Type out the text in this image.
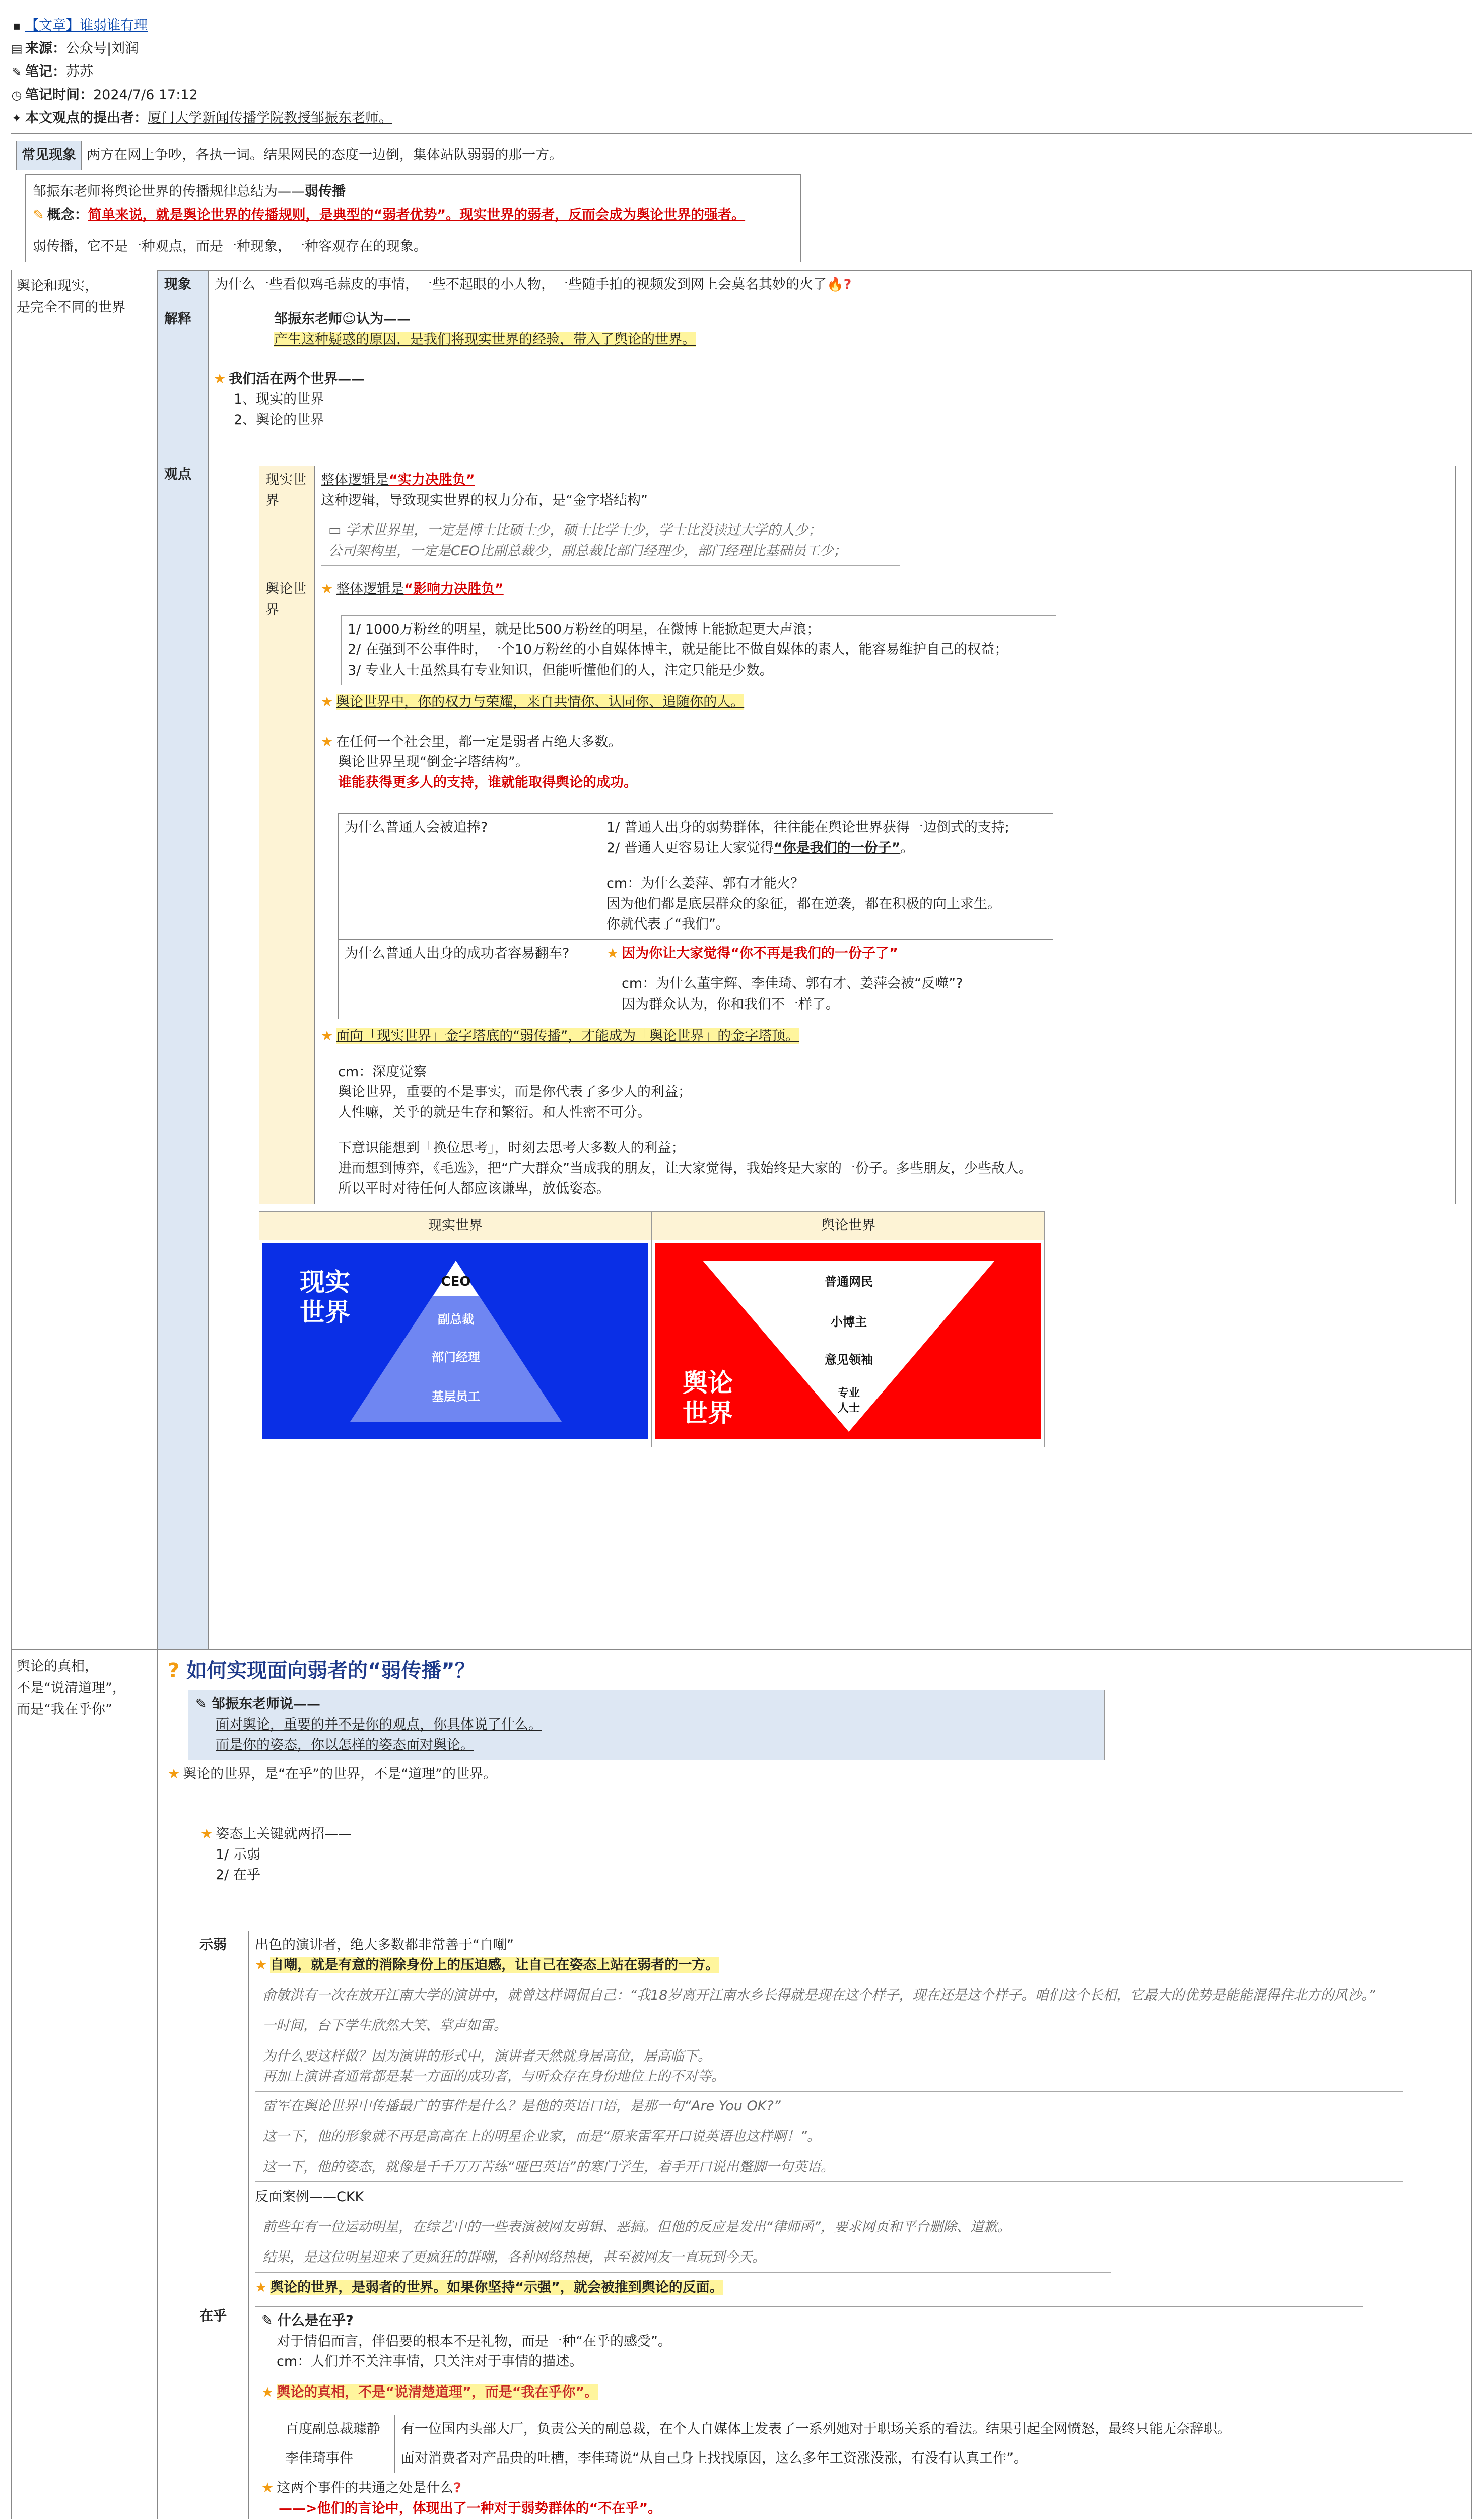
▪ 【文章】 谁弱谁有理
▤ 来源： 公众号|刘润
✎ 笔记： 苏苏
◷ 笔记时间： 2024/7/6 17:12
✦ 本文观点的提出者： 厦门大学新闻传播学院教授邹振东老师。
常见现象	两方在网上争吵，各执一词。结果网民的态度一边倒，集体站队弱弱的那一方。
邹振东老师将舆论世界的传播规律总结为——弱传播
✎ 概念：简单来说，就是舆论世界的传播规则，是典型的“弱者优势”。现实世界的弱者，反而会成为舆论世界的强者。
弱传播，它不是一种观点，而是一种现象，一种客观存在的现象。
舆论和现实，
是完全不同的世界

现象	为什么一些看似鸡毛蒜皮的事情，一些不起眼的小人物，一些随手拍的视频发到网上会莫名其妙的火了🔥?
解释	邹振东老师☺认为——
产生这种疑惑的原因，是我们将现实世界的经验，带入了舆论的世界。
★ 我们活在两个世界——
1、现实的世界
2、舆论的世界

观点		现实世界	
整体逻辑是“实力决胜负”
这种逻辑，导致现实世界的权力分布，是“金字塔结构”
▭ 学术世界里，一定是博士比硕士少，硕士比学士少，学士比没读过大学的人少；
公司架构里，一定是CEO比副总裁少，副总裁比部门经理少，部门经理比基础员工少；

舆论世界	
★ 整体逻辑是“影响力决胜负”
1/ 1000万粉丝的明星，就是比500万粉丝的明星，在微博上能掀起更大声浪；
2/ 在强到不公事件时，一个10万粉丝的小自媒体博主，就是能比不做自媒体的素人，能容易维护自己的权益；
3/ 专业人士虽然具有专业知识，但能听懂他们的人，注定只能是少数。
★ 舆论世界中，你的权力与荣耀，来自共情你、认同你、追随你的人。
★ 在任何一个社会里，都一定是弱者占绝大多数。
舆论世界呈现“倒金字塔结构”。
谁能获得更多人的支持，谁就能取得舆论的成功。
为什么普通人会被追捧?	1/ 普通人出身的弱势群体，往往能在舆论世界获得一边倒式的支持;
2/ 普通人更容易让大家觉得“你是我们的一份子”。
cm：为什么姜萍、郭有才能火？
因为他们都是底层群众的象征，都在逆袭，都在积极的向上求生。
你就代表了“我们”。

为什么普通人出身的成功者容易翻车?	★ 因为你让大家觉得“你不再是我们的一份子了”
cm：为什么董宇辉、李佳琦、郭有才、姜萍会被“反噬”?
因为群众认为，你和我们不一样了。
★ 面向「现实世界」金字塔底的“弱传播”，才能成为「舆论世界」的金字塔顶。
cm：深度觉察
舆论世界，重要的不是事实，而是你代表了多少人的利益；
人性嘛，关乎的就是生存和繁衍。和人性密不可分。
下意识能想到「换位思考」，时刻去思考大多数人的利益；
进而想到博弈，《毛选》，把“广大群众”当成我的朋友，让大家觉得，我始终是大家的一份子。多些朋友，少些敌人。
所以平时对待任何人都应该谦卑，放低姿态。
现实世界
现实
世界
CEO
副总裁
部门经理
基层员工
舆论世界
舆论
世界
普通网民
小博主
意见领袖
专业
人士
舆论的真相，
不是“说清道理”，
而是“我在乎你”

? 如何实现面向弱者的“弱传播”？
✎ 邹振东老师说——
面对舆论，重要的并不是你的观点，你具体说了什么。
而是你的姿态，你以怎样的姿态面对舆论。
★ 舆论的世界，是“在乎”的世界，不是“道理”的世界。
★ 姿态上关键就两招——
1/ 示弱
2/ 在乎
示弱	出色的演讲者，绝大多数都非常善于“自嘲”
★ 自嘲，就是有意的消除身份上的压迫感，让自己在姿态上站在弱者的一方。
俞敏洪有一次在放开江南大学的演讲中，就曾这样调侃自己：“我18岁离开江南水乡长得就是现在这个样子，现在还是这个样子。咱们这个长相，它最大的优势是能能混得住北方的风沙。”
一时间，台下学生欣然大笑、掌声如雷。
为什么要这样做？因为演讲的形式中，演讲者天然就身居高位，居高临下。
再加上演讲者通常都是某一方面的成功者，与听众存在身份地位上的不对等。
雷军在舆论世界中传播最广的事件是什么？是他的英语口语，是那一句“Are You OK?”
这一下，他的形象就不再是高高在上的明星企业家，而是“原来雷军开口说英语也这样啊！”。
这一下，他的姿态，就像是千千万万苦练“哑巴英语”的寒门学生，着手开口说出蹩脚一句英语。
反面案例——CKK
前些年有一位运动明星，在综艺中的一些表演被网友剪辑、恶搞。但他的反应是发出“律师函”，要求网页和平台删除、道歉。
结果，是这位明星迎来了更疯狂的群嘲，各种网络热梗，甚至被网友一直玩到今天。
★ 舆论的世界，是弱者的世界。如果你坚持“示强”，就会被推到舆论的反面。

在乎	✎ 什么是在乎?
对于情侣而言，伴侣要的根本不是礼物，而是一种“在乎的感受”。
cm：人们并不关注事情，只关注对于事情的描述。
★ 舆论的真相，不是“说清楚道理”，而是“我在乎你”。
百度副总裁璩静	有一位国内头部大厂，负责公关的副总裁，在个人自媒体上发表了一系列她对于职场关系的看法。结果引起全网愤怒，最终只能无奈辞职。
李佳琦事件	面对消费者对产品贵的吐槽，李佳琦说“从自己身上找找原因，这么多年工资涨没涨，有没有认真工作”。
★ 这两个事件的共通之处是什么?
——>他们的言论中，体现出了一种对于弱势群体的“不在乎”。
